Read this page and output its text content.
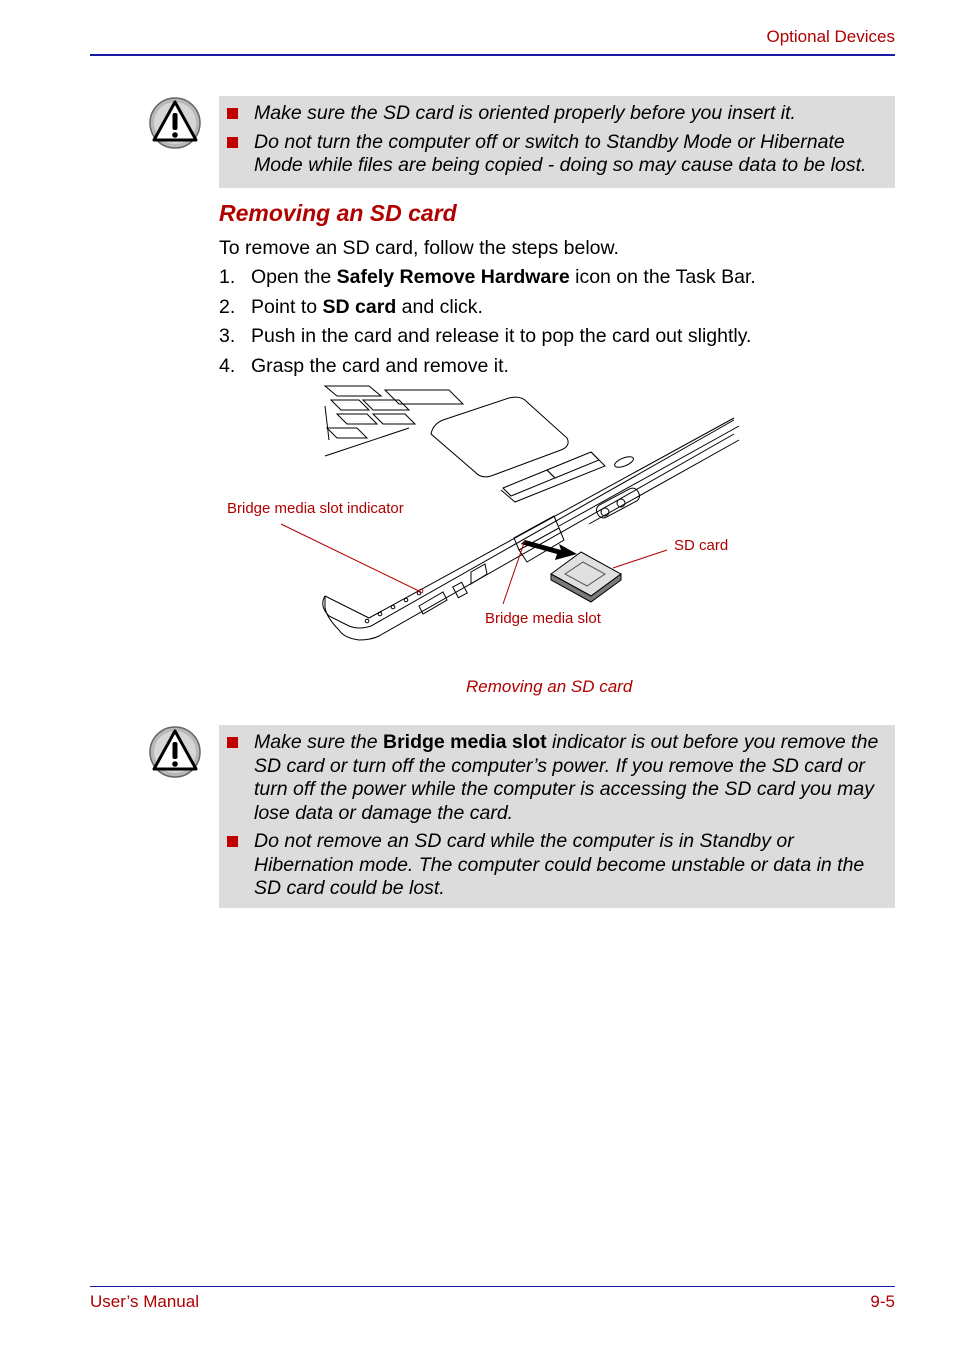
Optional Devices
Make sure the SD card is oriented properly before you insert it.
Do not turn the computer off or switch to Standby Mode or Hibernate Mode while files are being copied - doing so may cause data to be lost.
Removing an SD card
To remove an SD card, follow the steps below.
1. Open the Safely Remove Hardware icon on the Task Bar.
2. Point to SD card and click.
3. Push in the card and release it to pop the card out slightly.
4. Grasp the card and remove it.
Bridge media slot indicator
SD card
Bridge media slot
Removing an SD card
Make sure the Bridge media slot indicator is out before you remove the SD card or turn off the computer’s power. If you remove the SD card or turn off the power while the computer is accessing the SD card you may lose data or damage the card.
Do not remove an SD card while the computer is in Standby or Hibernation mode. The computer could become unstable or data in the SD card could be lost.
User’s Manual	9-5
